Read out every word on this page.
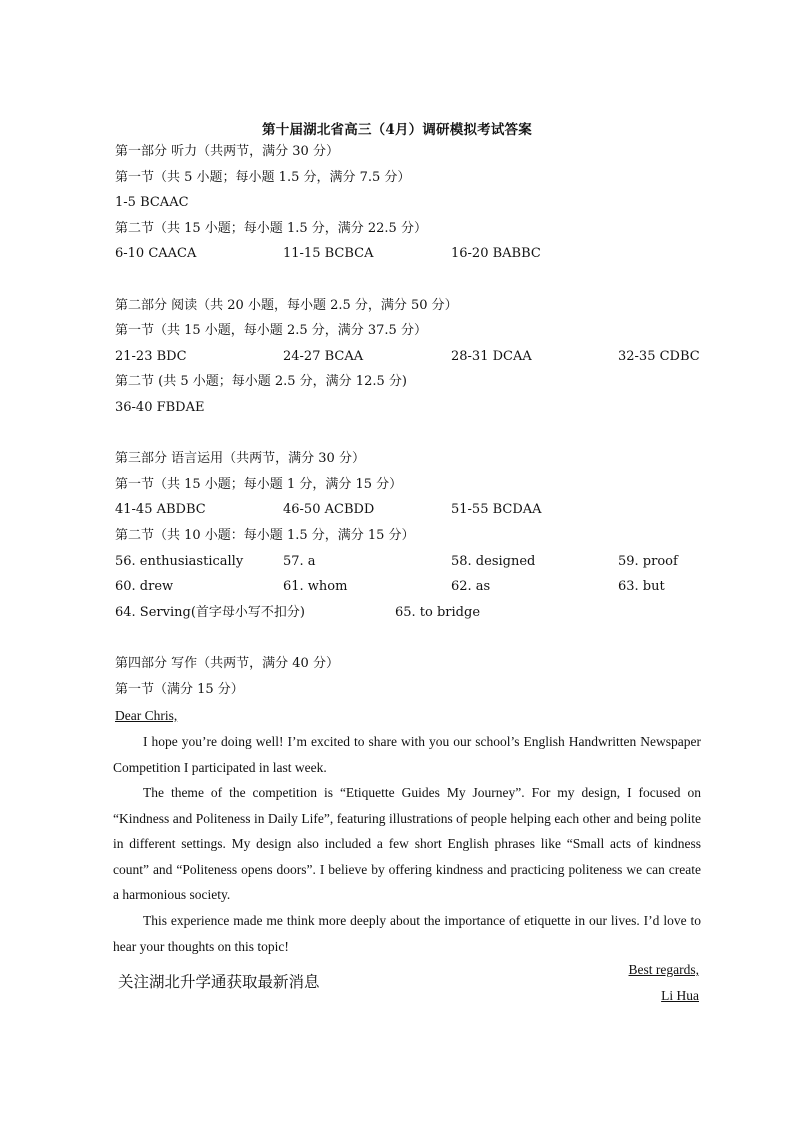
第十届湖北省高三（4月）调研模拟考试答案
第一部分 听力（共两节，满分 30 分）
第一节（共 5 小题；每小题 1.5 分，满分 7.5 分）
1-5 BCAAC
第二节（共 15 小题；每小题 1.5 分，满分 22.5 分）
6-10 CAACA	11-15 BCBCA	16-20 BABBC
第二部分 阅读（共 20 小题，每小题 2.5 分，满分 50 分）
第一节（共 15 小题，每小题 2.5 分，满分 37.5 分）
21-23 BDC	24-27 BCAA	28-31 DCAA	32-35 CDBC
第二节 (共 5 小题；每小题 2.5 分，满分 12.5 分)
36-40 FBDAE
第三部分 语言运用（共两节，满分 30 分）
第一节（共 15 小题；每小题 1 分，满分 15 分）
41-45 ABDBC	46-50 ACBDD	51-55 BCDAA
第二节（共 10 小题：每小题 1.5 分，满分 15 分）
56. enthusiastically	57. a	58. designed	59. proof
60. drew	61. whom	62. as	63. but
64. Serving(首字母小写不扣分)	65. to bridge
第四部分 写作（共两节，满分 40 分）
第一节（满分 15 分）
Dear Chris,
I hope you’re doing well! I’m excited to share with you our school’s English Handwritten Newspaper Competition I participated in last week.
The theme of the competition is “Etiquette Guides My Journey”. For my design, I focused on “Kindness and Politeness in Daily Life”, featuring illustrations of people helping each other and being polite in different settings. My design also included a few short English phrases like “Small acts of kindness count” and “Politeness opens doors”. I believe by offering kindness and practicing politeness we can create a harmonious society.
This experience made me think more deeply about the importance of etiquette in our lives. I’d love to hear your thoughts on this topic!
Best regards,
Li Hua
关注湖北升学通获取最新消息
